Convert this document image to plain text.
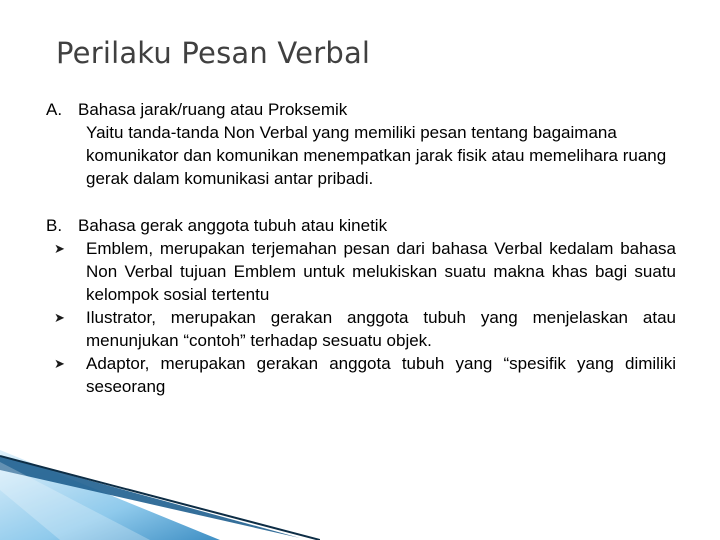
Perilaku Pesan Verbal
A. Bahasa jarak/ruang atau Proksemik
Yaitu tanda-tanda Non Verbal yang memiliki pesan tentang bagaimana komunikator dan komunikan menempatkan jarak fisik atau memelihara ruang gerak dalam komunikasi antar pribadi.
B. Bahasa gerak anggota tubuh atau kinetik
➤ Emblem, merupakan terjemahan pesan dari bahasa Verbal kedalam bahasa Non Verbal tujuan Emblem untuk melukiskan suatu makna khas bagi suatu kelompok sosial tertentu
➤ Ilustrator, merupakan gerakan anggota tubuh yang menjelaskan atau menunjukan “contoh” terhadap sesuatu objek.
➤ Adaptor, merupakan gerakan anggota tubuh yang “spesifik yang dimiliki seseorang
